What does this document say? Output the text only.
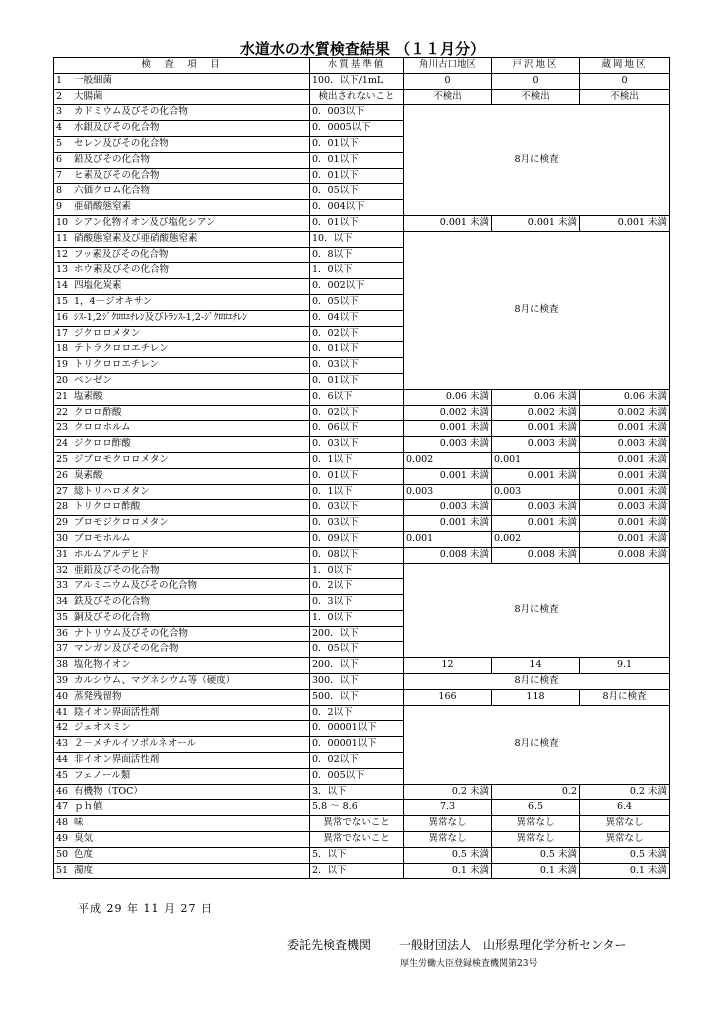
水道水の水質検査結果 （１１月分）
検　査　項　目	水質基準値	角川古口地区	戸沢地区	蔵岡地区
1 一般細菌	100．以下/1mL	0	0	0
2 大腸菌	検出されないこと	不検出	不検出	不検出
3 カドミウム及びその化合物	0．003以下	8月に検査		
4 水銀及びその化合物	0．0005以下			
5 セレン及びその化合物	0．01以下			
6 鉛及びその化合物	0．01以下			
7 ヒ素及びその化合物	0．01以下			
8 六価クロム化合物	0．05以下			
9 亜硝酸態窒素	0．004以下			
10 シアン化物イオン及び塩化シアン	0．01以下	0.001 未満	0.001 未満	0.001 未満
11 硝酸態窒素及び亜硝酸態窒素	10．以下	8月に検査		
12 フッ素及びその化合物	0．8以下			
13 ホウ素及びその化合物	1．0以下			
14 四塩化炭素	0．002以下			
15 1，4－ジオキサン	0．05以下			
16 ｼｽ-1,2ｼﾞｸﾛﾛｴﾁﾚﾝ及びﾄﾗﾝｽ-1,2-ｼﾞｸﾛﾛｴﾁﾚﾝ	0．04以下			
17 ジクロロメタン	0．02以下			
18 テトラクロロエチレン	0．01以下			
19 トリクロロエチレン	0．03以下			
20 ベンゼン	0．01以下			
21 塩素酸	0．6以下	0.06 未満	0.06 未満	0.06 未満
22 クロロ酢酸	0．02以下	0.002 未満	0.002 未満	0.002 未満
23 クロロホルム	0．06以下	0.001 未満	0.001 未満	0.001 未満
24 ジクロロ酢酸	0．03以下	0.003 未満	0.003 未満	0.003 未満
25 ジブロモクロロメタン	0．1以下	0.002	0.001	0.001 未満
26 臭素酸	0．01以下	0.001 未満	0.001 未満	0.001 未満
27 総トリハロメタン	0．1以下	0.003	0.003	0.001 未満
28 トリクロロ酢酸	0．03以下	0.003 未満	0.003 未満	0.003 未満
29 ブロモジクロロメタン	0．03以下	0.001 未満	0.001 未満	0.001 未満
30 ブロモホルム	0．09以下	0.001	0.002	0.001 未満
31 ホルムアルデヒド	0．08以下	0.008 未満	0.008 未満	0.008 未満
32 亜鉛及びその化合物	1．0以下	8月に検査		
33 アルミニウム及びその化合物	0．2以下			
34 鉄及びその化合物	0．3以下			
35 銅及びその化合物	1．0以下			
36 ナトリウム及びその化合物	200．以下			
37 マンガン及びその化合物	0．05以下			
38 塩化物イオン	200．以下	12	14	9.1
39 カルシウム、マグネシウム等（硬度）	300．以下	8月に検査		
40 蒸発残留物	500．以下	166	118	8月に検査
41 陰イオン界面活性剤	0．2以下	8月に検査		
42 ジェオスミン	0．00001以下			
43 ２－メチルイソボルネオール	0．00001以下			
44 非イオン界面活性剤	0．02以下			
45 フェノール類	0．005以下			
46 有機物（TOC）	3．以下	0.2 未満	0.2	0.2 未満
47 ｐｈ値	5.8 ～ 8.6	7.3	6.5	6.4
48 味	異常でないこと	異常なし	異常なし	異常なし
49 臭気	異常でないこと	異常なし	異常なし	異常なし
50 色度	5．以下	0.5 未満	0.5 未満	0.5 未満
51 濁度	2．以下	0.1 未満	0.1 未満	0.1 未満
平成 29 年 11 月 27 日
委託先検査機関 一般財団法人　山形県理化学分析センター
厚生労働大臣登録検査機関第23号
